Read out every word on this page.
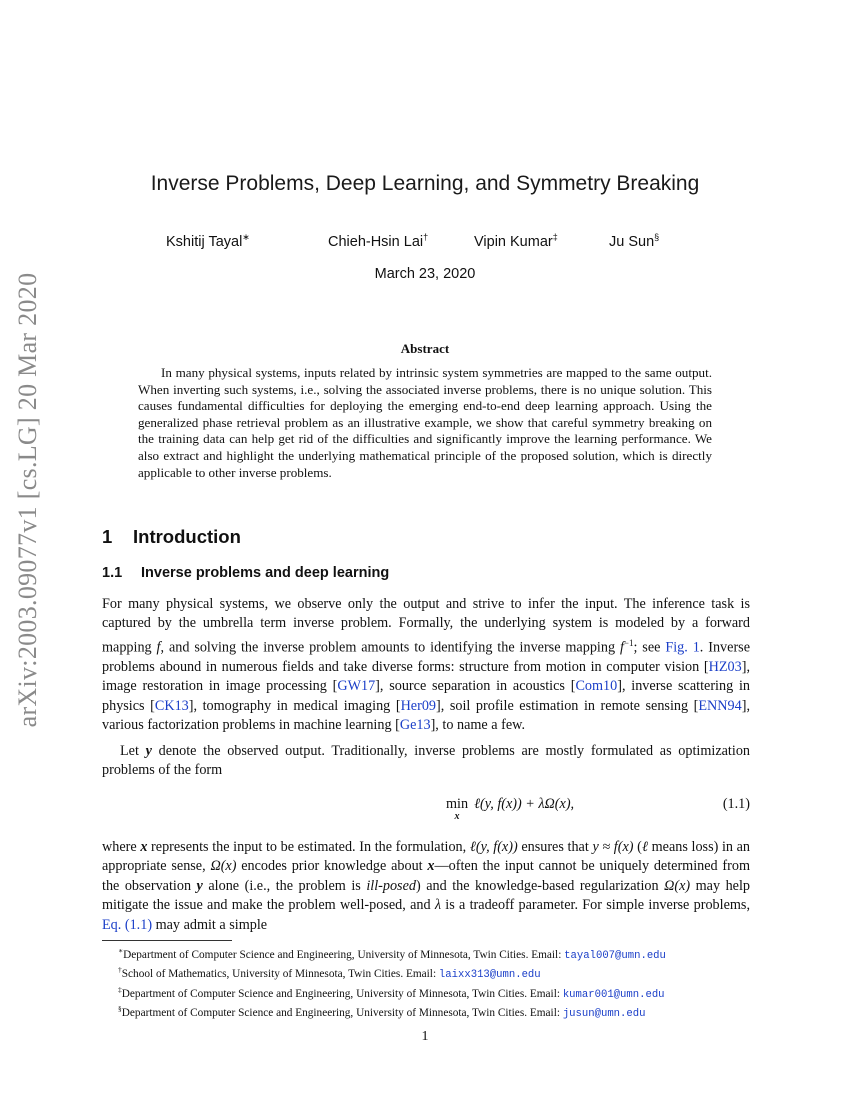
arXiv:2003.09077v1 [cs.LG] 20 Mar 2020
Inverse Problems, Deep Learning, and Symmetry Breaking
Kshitij Tayal∗	Chieh-Hsin Lai†	Vipin Kumar‡	Ju Sun§
March 23, 2020
Abstract

In many physical systems, inputs related by intrinsic system symmetries are mapped to the same output. When inverting such systems, i.e., solving the associated inverse problems, there is no unique solution. This causes fundamental difficulties for deploying the emerging end-to-end deep learning approach. Using the generalized phase retrieval problem as an illustrative example, we show that careful symmetry breaking on the training data can help get rid of the difficulties and significantly improve the learning performance. We also extract and highlight the underlying mathematical principle of the proposed solution, which is directly applicable to other inverse problems.

1 Introduction
1.1 Inverse problems and deep learning

For many physical systems, we observe only the output and strive to infer the input. The inference task is captured by the umbrella term inverse problem. Formally, the underlying system is modeled by a forward mapping f, and solving the inverse problem amounts to identifying the inverse mapping $f^{-1}$; see Fig. 1. Inverse problems abound in numerous fields and take diverse forms: structure from motion in computer vision [HZ03], image restoration in image processing [GW17], source separation in acoustics [Com10], inverse scattering in physics [CK13], tomography in medical imaging [Her09], soil profile estimation in remote sensing [ENN94], various factorization problems in machine learning [Ge13], to name a few.

Let y denote the observed output. Traditionally, inverse problems are mostly formulated as optimization problems of the form

min
x
ℓ(y, f(x)) + λΩ(x),	(1.1)

where x represents the input to be estimated. In the formulation, ℓ(y, f(x)) ensures that y ≈ f(x) (ℓ means loss) in an appropriate sense, Ω(x) encodes prior knowledge about x—often the input cannot be uniquely determined from the observation y alone (i.e., the problem is ill-posed) and the knowledge-based regularization Ω(x) may help mitigate the issue and make the problem well-posed, and λ is a tradeoff parameter. For simple inverse problems, Eq. (1.1) may admit a simple

∗Department of Computer Science and Engineering, University of Minnesota, Twin Cities. Email: tayal007@umn.edu
†School of Mathematics, University of Minnesota, Twin Cities. Email: laixx313@umn.edu
‡Department of Computer Science and Engineering, University of Minnesota, Twin Cities. Email: kumar001@umn.edu
§Department of Computer Science and Engineering, University of Minnesota, Twin Cities. Email: jusun@umn.edu
1
